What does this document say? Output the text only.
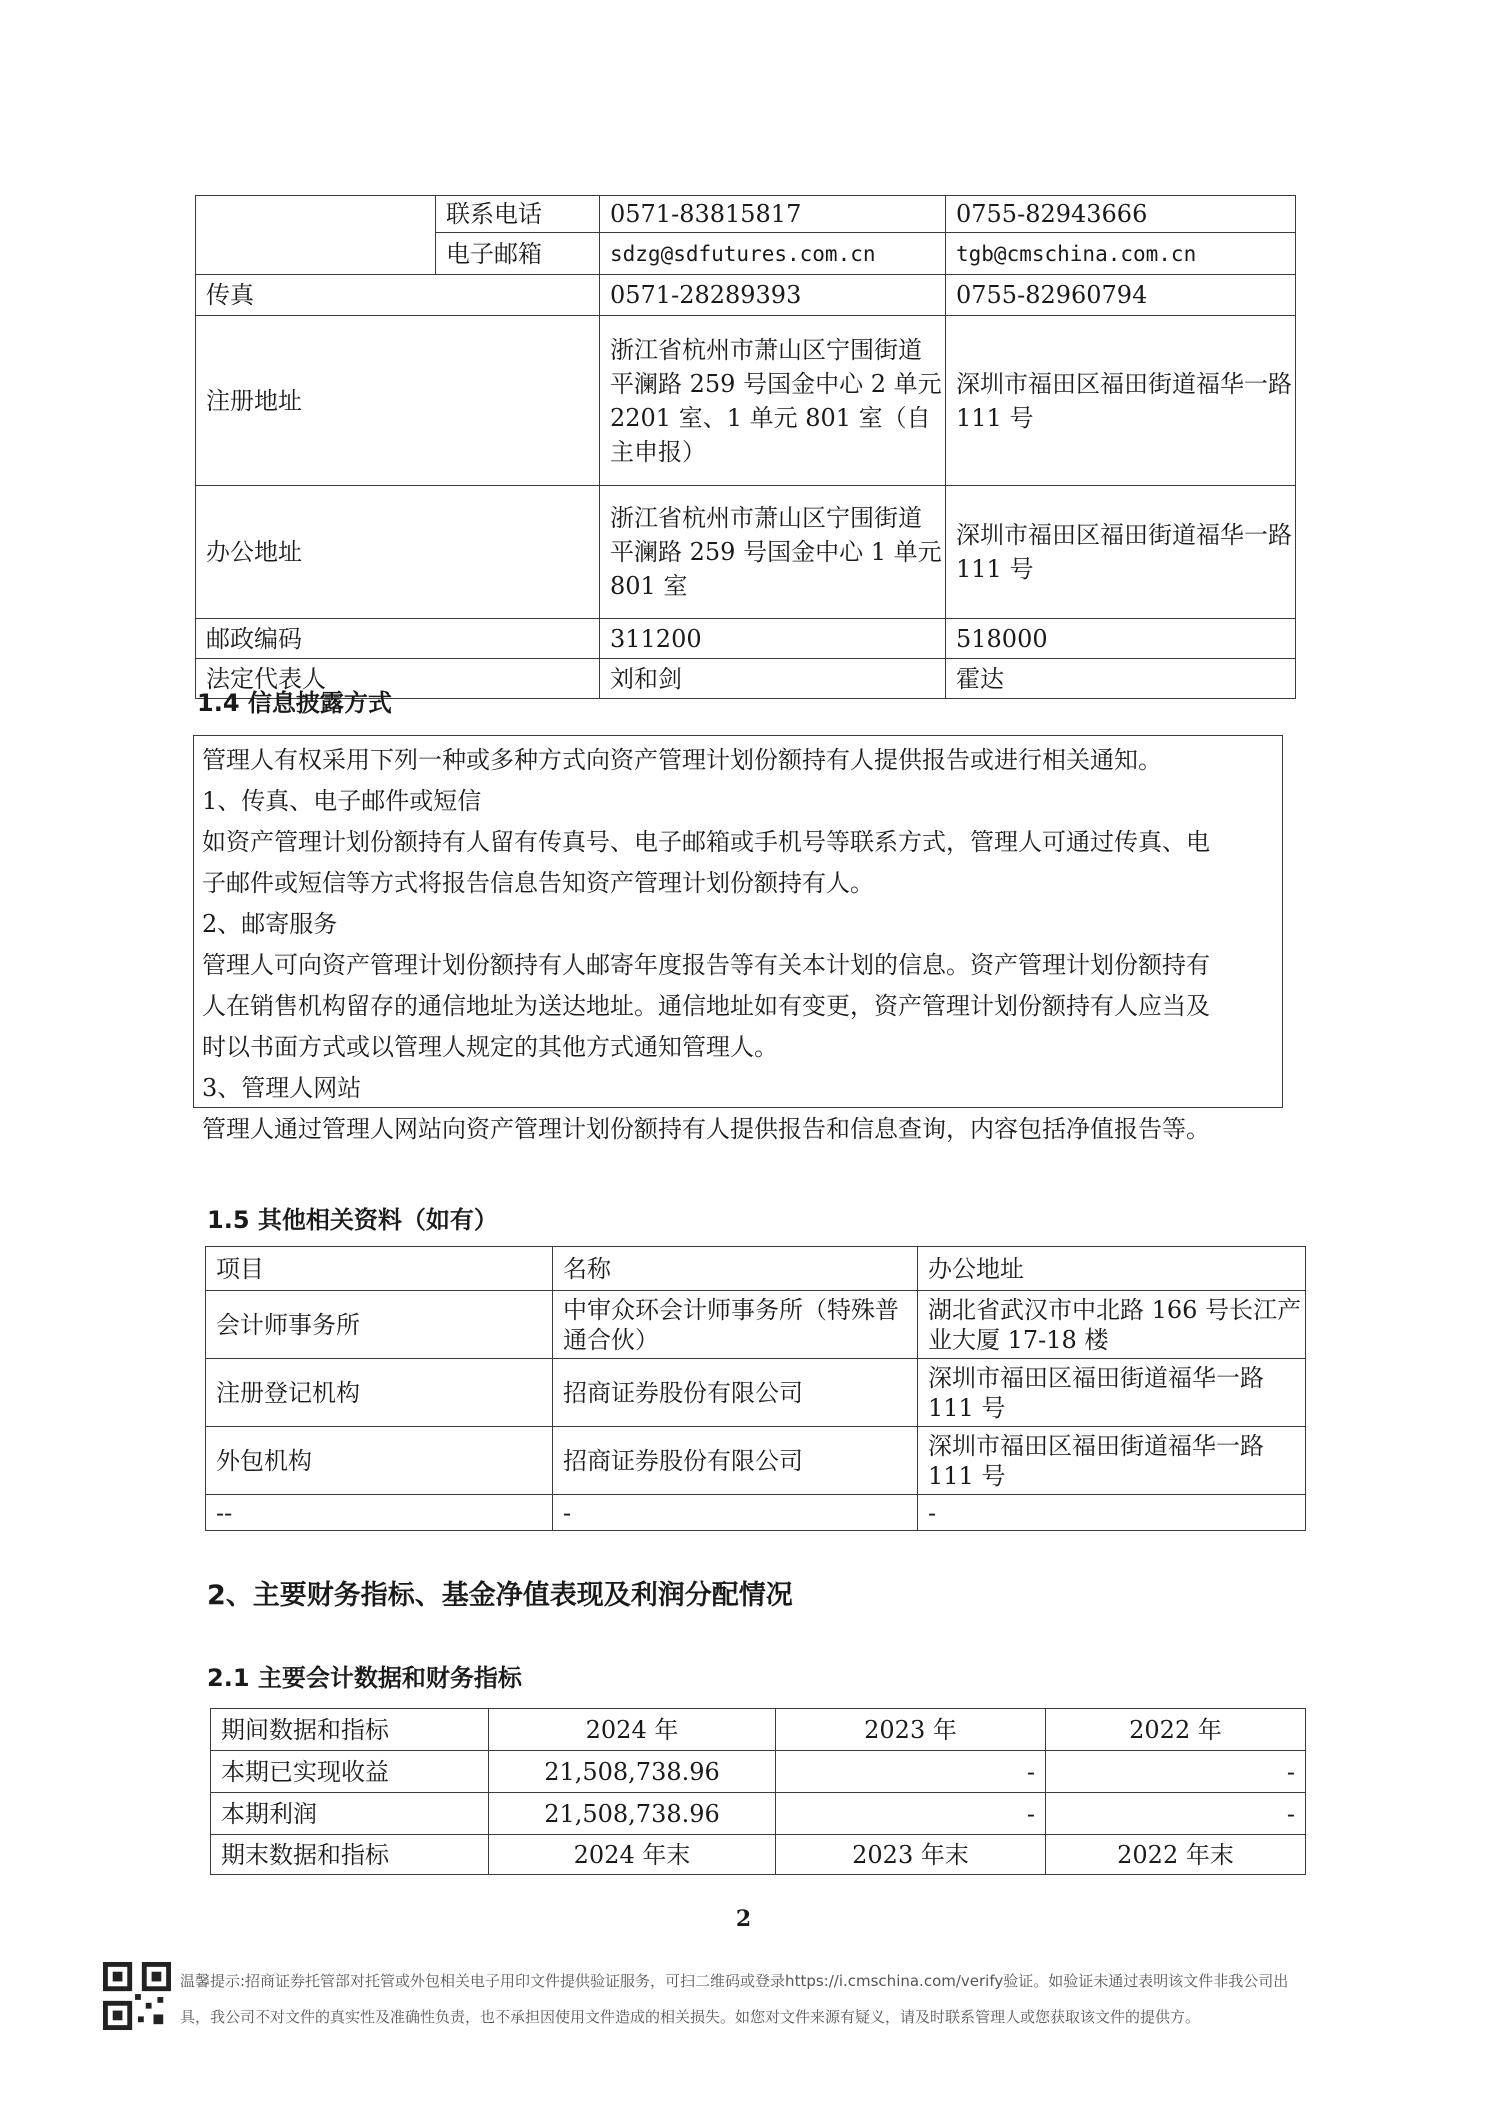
	联系电话	0571-83815817	0755-82943666
	电子邮箱	sdzg@sdfutures.com.cn	tgb@cmschina.com.cn
传真		0571-28289393	0755-82960794
注册地址		浙江省杭州市萧山区宁围街道平澜路 259 号国金中心 2 单元 2201 室、1 单元 801 室（自主申报）	深圳市福田区福田街道福华一路 111 号
办公地址		浙江省杭州市萧山区宁围街道平澜路 259 号国金中心 1 单元 801 室	深圳市福田区福田街道福华一路 111 号
邮政编码		311200	518000
法定代表人		刘和剑	霍达
1.4 信息披露方式

管理人有权采用下列一种或多种方式向资产管理计划份额持有人提供报告或进行相关通知。

1、传真、电子邮件或短信

如资产管理计划份额持有人留有传真号、电子邮箱或手机号等联系方式，管理人可通过传真、电

子邮件或短信等方式将报告信息告知资产管理计划份额持有人。

2、邮寄服务

管理人可向资产管理计划份额持有人邮寄年度报告等有关本计划的信息。资产管理计划份额持有

人在销售机构留存的通信地址为送达地址。通信地址如有变更，资产管理计划份额持有人应当及

时以书面方式或以管理人规定的其他方式通知管理人。

3、管理人网站

管理人通过管理人网站向资产管理计划份额持有人提供报告和信息查询，内容包括净值报告等。

1.5 其他相关资料（如有）
项目	名称	办公地址
会计师事务所	中审众环会计师事务所（特殊普通合伙）	湖北省武汉市中北路 166 号长江产业大厦 17-18 楼
注册登记机构	招商证券股份有限公司	深圳市福田区福田街道福华一路 111 号
外包机构	招商证券股份有限公司	深圳市福田区福田街道福华一路 111 号
--	-	-
2、主要财务指标、基金净值表现及利润分配情况
2.1 主要会计数据和财务指标
期间数据和指标	2024 年	2023 年	2022 年
本期已实现收益	21,508,738.96	-	-
本期利润	21,508,738.96	-	-
期末数据和指标	2024 年末	2023 年末	2022 年末
2

温馨提示:招商证券托管部对托管或外包相关电子用印文件提供验证服务，可扫二维码或登录https://i.cmschina.com/verify验证。如验证未通过表明该文件非我公司出

具，我公司不对文件的真实性及准确性负责，也不承担因使用文件造成的相关损失。如您对文件来源有疑义，请及时联系管理人或您获取该文件的提供方。
